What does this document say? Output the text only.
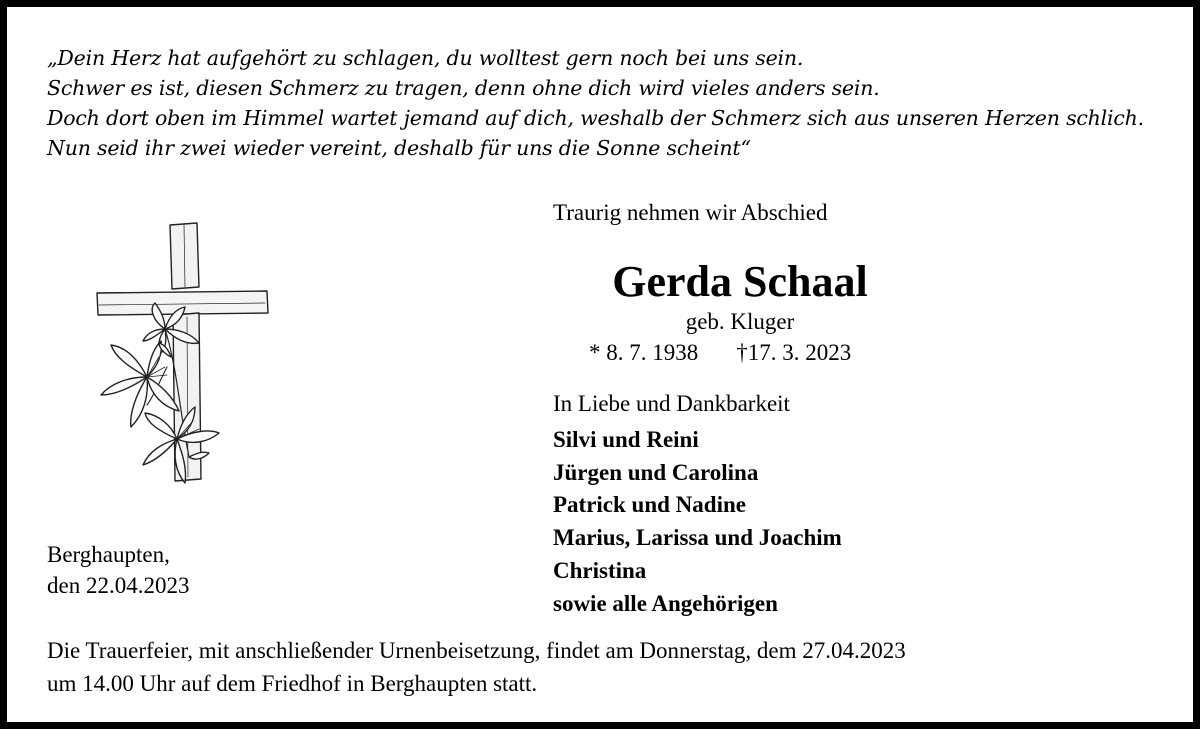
„Dein Herz hat aufgehört zu schlagen, du wolltest gern noch bei uns sein.
Schwer es ist, diesen Schmerz zu tragen, denn ohne dich wird vieles anders sein.
Doch dort oben im Himmel wartet jemand auf dich, weshalb der Schmerz sich aus unseren Herzen schlich.
Nun seid ihr zwei wieder vereint, deshalb für uns die Sonne scheint“
Traurig nehmen wir Abschied
Gerda Schaal
geb. Kluger
* 8. 7. 1938 †17. 3. 2023
In Liebe und Dankbarkeit
Silvi und Reini
Jürgen und Carolina
Patrick und Nadine
Marius, Larissa und Joachim
Christina
sowie alle Angehörigen
Berghaupten,
den 22.04.2023
Die Trauerfeier, mit anschließender Urnenbeisetzung, findet am Donnerstag, dem 27.04.2023
um 14.00 Uhr auf dem Friedhof in Berghaupten statt.
